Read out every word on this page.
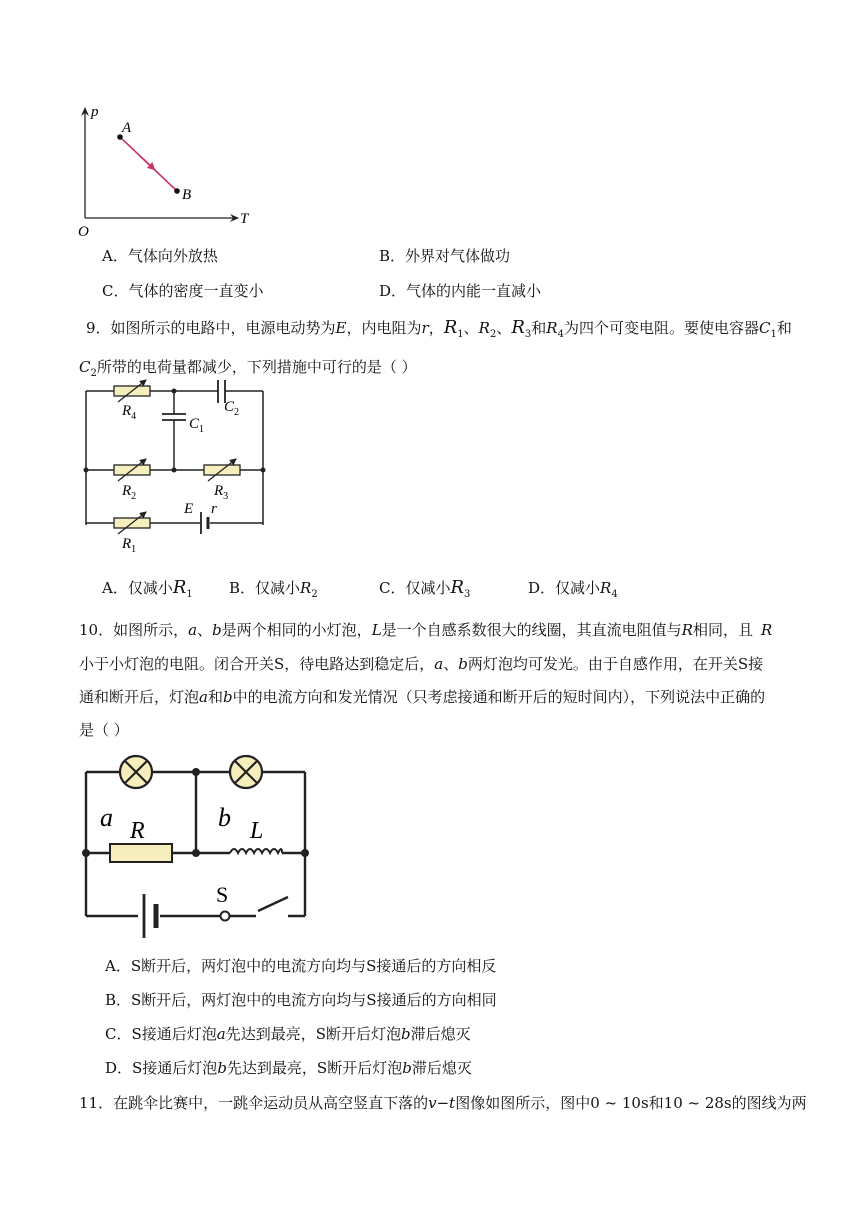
p
T
O
A
B
A．气体向外放热	B．外界对气体做功
C．气体的密度一直变小	D．气体的内能一直减小
9．如图所示的电路中，电源电动势为E，内电阻为r，$R_1$、$R_2$、$R_3$和$R_4$为四个可变电阻。要使电容器$C_1$和
$C_2$所带的电荷量都减少，下列措施中可行的是（ ）
$R_4$
$C_2$
$C_1$
$R_2$	$R_3$
E r
$R_1$
A．仅减小$R_1$ B．仅减小$R_2$	C．仅减小$R_3$	D．仅减小$R_4$
10．如图所示，a、b是两个相同的小灯泡，L是一个自感系数很大的线圈，其直流电阻值与R相同，且 R
小于小灯泡的电阻。闭合开关S，待电路达到稳定后，a、b两灯泡均可发光。由于自感作用，在开关S接
通和断开后，灯泡a和b中的电流方向和发光情况（只考虑接通和断开后的短时间内），下列说法中正确的
是（ ）
a	b
R	L
S
A．S断开后，两灯泡中的电流方向均与S接通后的方向相反
B．S断开后，两灯泡中的电流方向均与S接通后的方向相同
C．S接通后灯泡a先达到最亮，S断开后灯泡b滞后熄灭
D．S接通后灯泡b先达到最亮，S断开后灯泡b滞后熄灭
11．在跳伞比赛中，一跳伞运动员从高空竖直下落的v−t图像如图所示，图中0 ~ 10s和10 ~ 28s的图线为两
